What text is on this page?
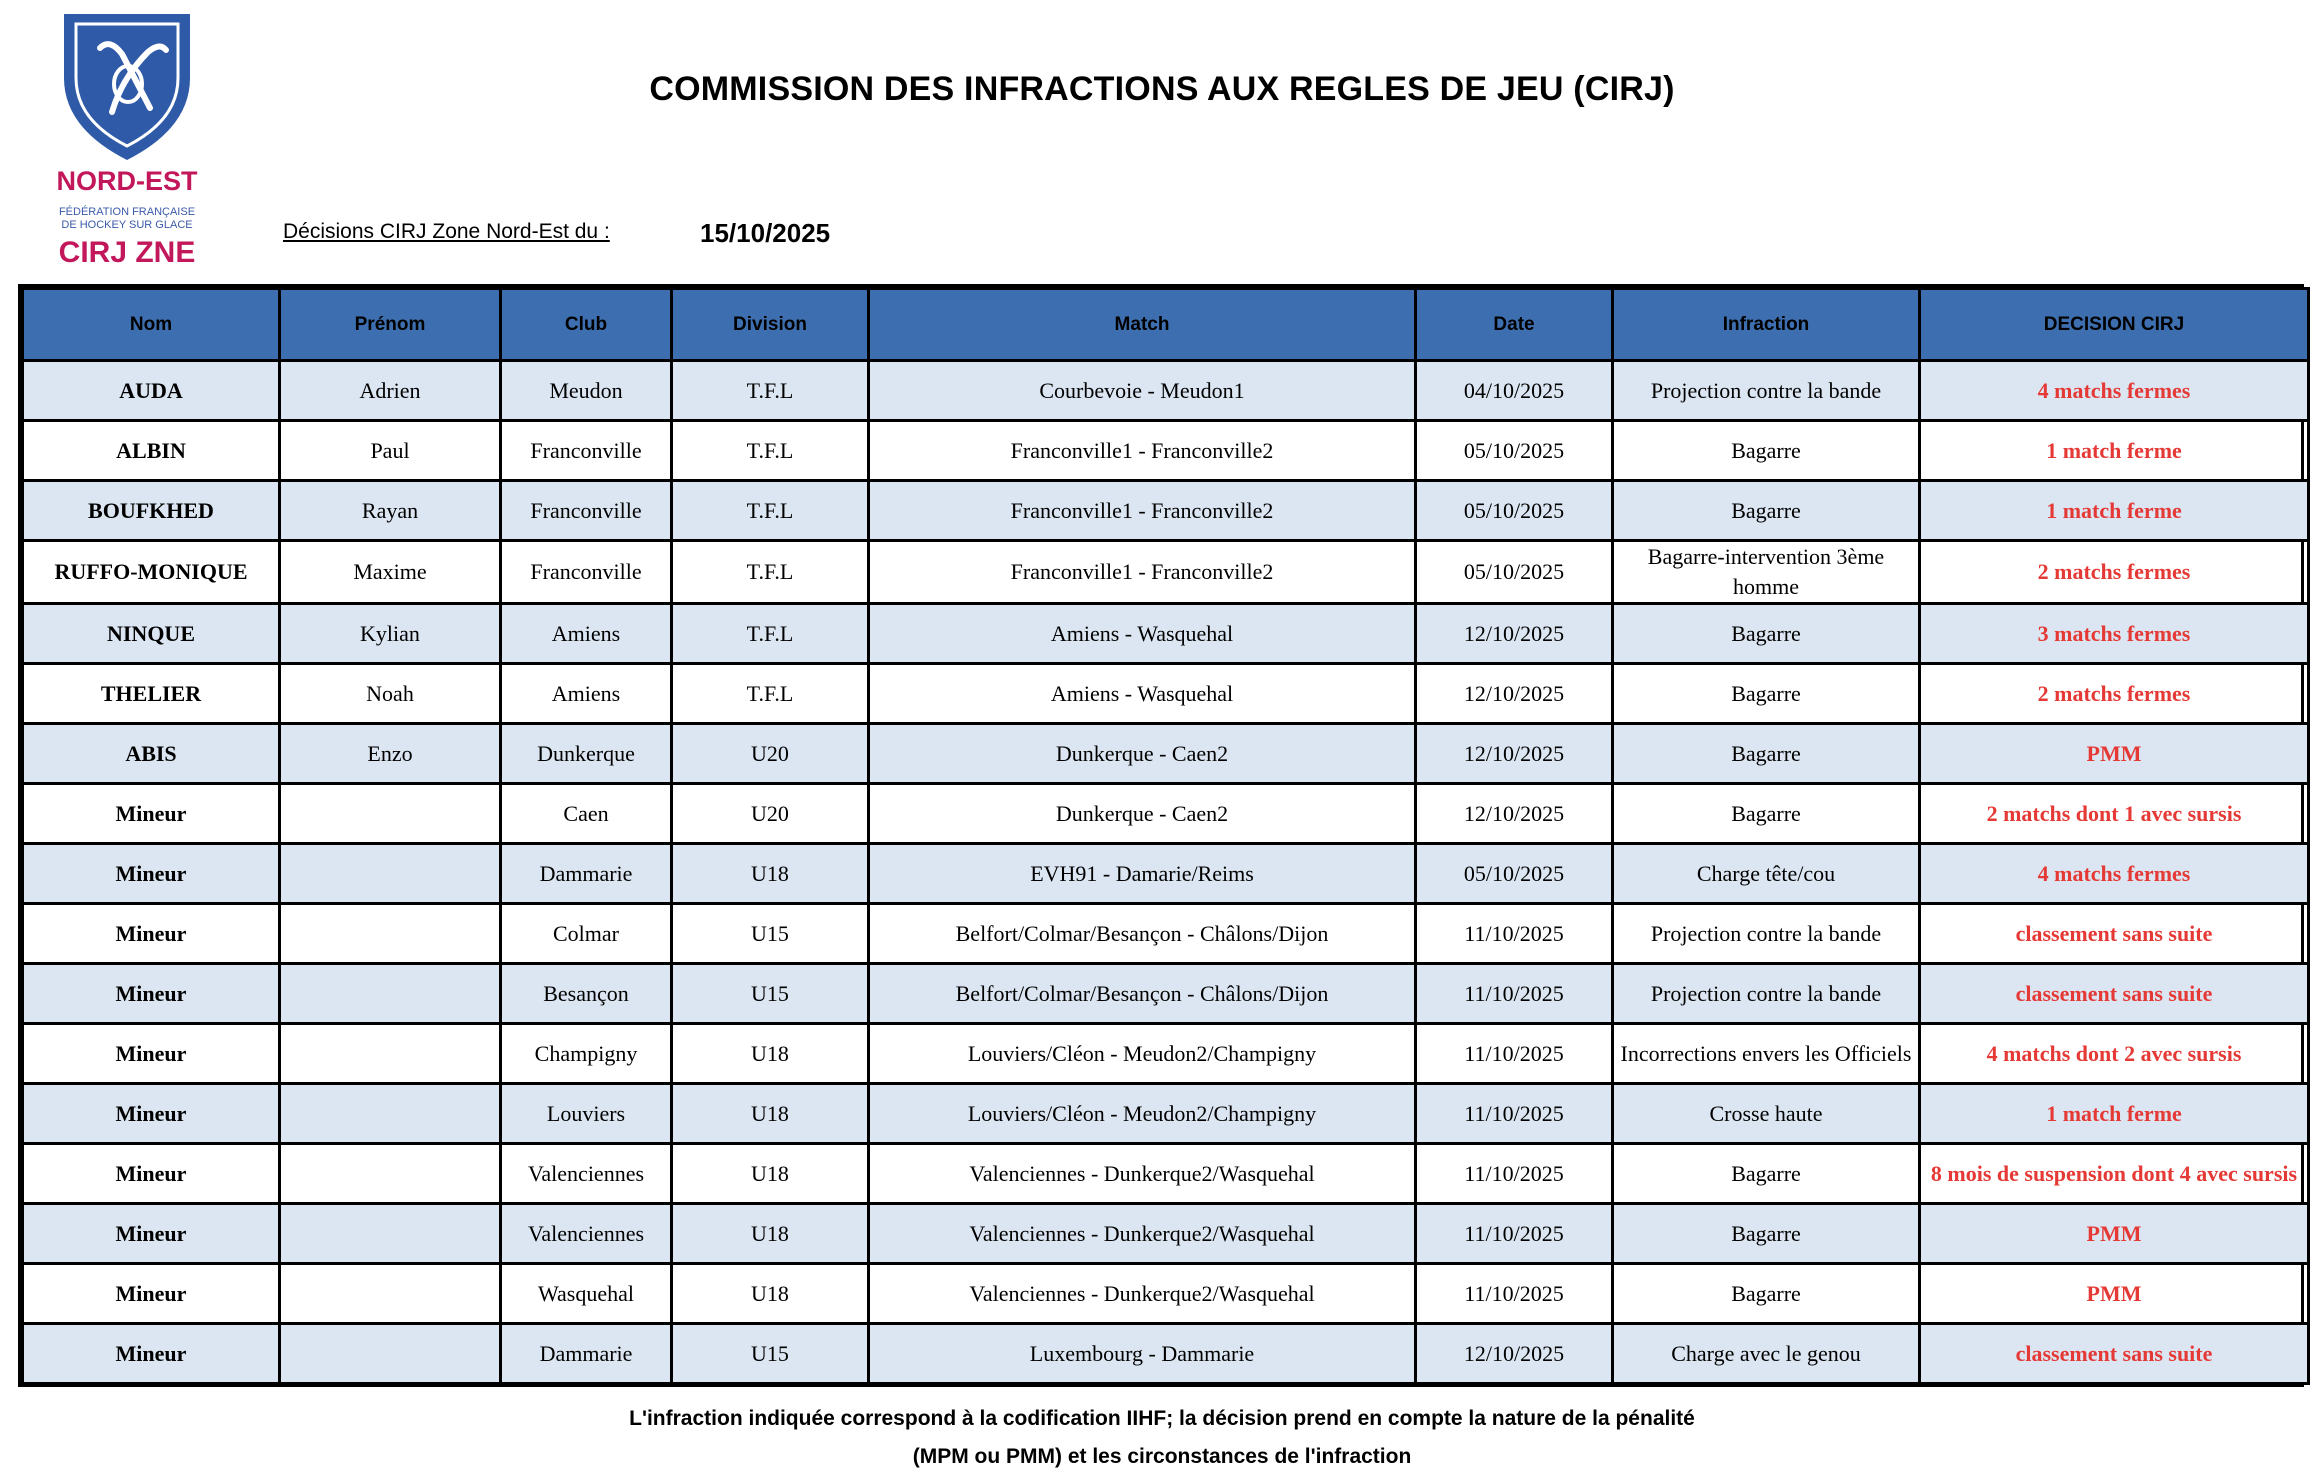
NORD-EST
FÉDÉRATION FRANÇAISE
DE HOCKEY SUR GLACE
CIRJ ZNE
COMMISSION DES INFRACTIONS AUX REGLES DE JEU (CIRJ)
Décisions CIRJ Zone Nord-Est du :	15/10/2025
Nom	Prénom	Club	Division	Match	Date	Infraction	DECISION CIRJ
AUDA	Adrien	Meudon	T.F.L	Courbevoie - Meudon1	04/10/2025	Projection contre la bande	4 matchs fermes
ALBIN	Paul	Franconville	T.F.L	Franconville1 - Franconville2	05/10/2025	Bagarre	1 match ferme
BOUFKHED	Rayan	Franconville	T.F.L	Franconville1 - Franconville2	05/10/2025	Bagarre	1 match ferme
RUFFO-MONIQUE	Maxime	Franconville	T.F.L	Franconville1 - Franconville2	05/10/2025	Bagarre-intervention 3ème homme	2 matchs fermes
NINQUE	Kylian	Amiens	T.F.L	Amiens - Wasquehal	12/10/2025	Bagarre	3 matchs fermes
THELIER	Noah	Amiens	T.F.L	Amiens - Wasquehal	12/10/2025	Bagarre	2 matchs fermes
ABIS	Enzo	Dunkerque	U20	Dunkerque - Caen2	12/10/2025	Bagarre	PMM
Mineur		Caen	U20	Dunkerque - Caen2	12/10/2025	Bagarre	2 matchs dont 1 avec sursis
Mineur		Dammarie	U18	EVH91 - Damarie/Reims	05/10/2025	Charge tête/cou	4 matchs fermes
Mineur		Colmar	U15	Belfort/Colmar/Besançon - Châlons/Dijon	11/10/2025	Projection contre la bande	classement sans suite
Mineur		Besançon	U15	Belfort/Colmar/Besançon - Châlons/Dijon	11/10/2025	Projection contre la bande	classement sans suite
Mineur		Champigny	U18	Louviers/Cléon - Meudon2/Champigny	11/10/2025	Incorrections envers les Officiels	4 matchs dont 2 avec sursis
Mineur		Louviers	U18	Louviers/Cléon - Meudon2/Champigny	11/10/2025	Crosse haute	1 match ferme
Mineur		Valenciennes	U18	Valenciennes - Dunkerque2/Wasquehal	11/10/2025	Bagarre	8 mois de suspension dont 4 avec sursis
Mineur		Valenciennes	U18	Valenciennes - Dunkerque2/Wasquehal	11/10/2025	Bagarre	PMM
Mineur		Wasquehal	U18	Valenciennes - Dunkerque2/Wasquehal	11/10/2025	Bagarre	PMM
Mineur		Dammarie	U15	Luxembourg - Dammarie	12/10/2025	Charge avec le genou	classement sans suite
L'infraction indiquée correspond à la codification IIHF; la décision prend en compte la nature de la pénalité
(MPM ou PMM) et les circonstances de l'infraction
